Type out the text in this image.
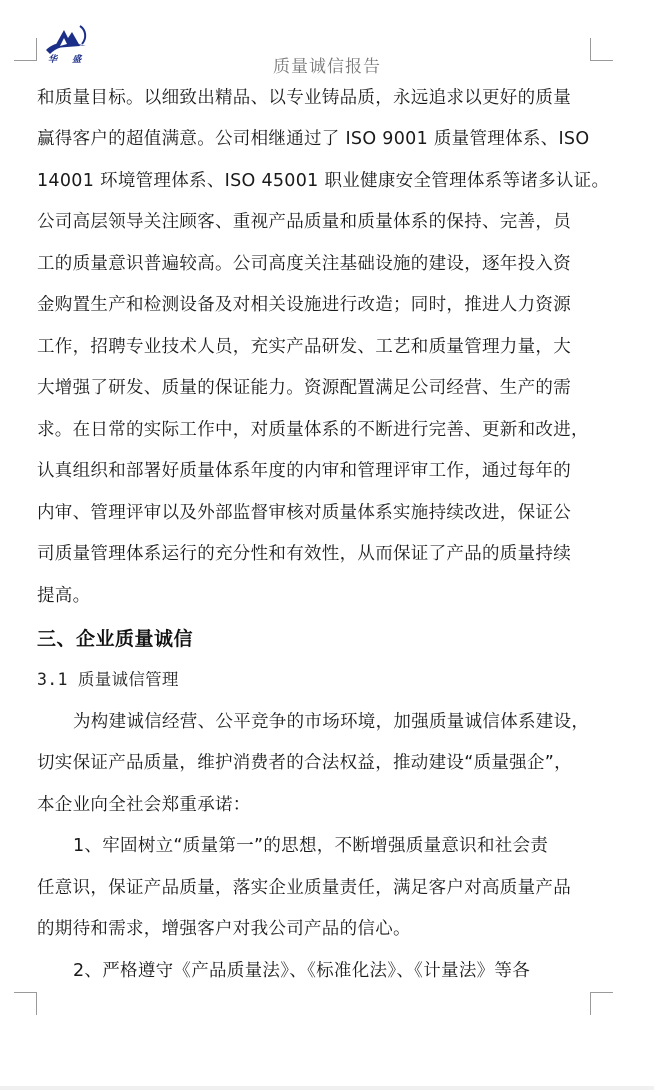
华 盛	质量诚信报告
和质量目标。以细致出精品、以专业铸品质，永远追求以更好的质量
赢得客户的超值满意。公司相继通过了 ISO 9001 质量管理体系、ISO
14001 环境管理体系、ISO 45001 职业健康安全管理体系等诸多认证。
公司高层领导关注顾客、重视产品质量和质量体系的保持、完善，员
工的质量意识普遍较高。公司高度关注基础设施的建设，逐年投入资
金购置生产和检测设备及对相关设施进行改造；同时，推进人力资源
工作，招聘专业技术人员，充实产品研发、工艺和质量管理力量，大
大增强了研发、质量的保证能力。资源配置满足公司经营、生产的需
求。在日常的实际工作中，对质量体系的不断进行完善、更新和改进，
认真组织和部署好质量体系年度的内审和管理评审工作，通过每年的
内审、管理评审以及外部监督审核对质量体系实施持续改进，保证公
司质量管理体系运行的充分性和有效性，从而保证了产品的质量持续
提高。
三、企业质量诚信
3.1 质量诚信管理
为构建诚信经营、公平竞争的市场环境，加强质量诚信体系建设，
切实保证产品质量，维护消费者的合法权益，推动建设“质量强企”，
本企业向全社会郑重承诺：
1、牢固树立“质量第一”的思想，不断增强质量意识和社会责
任意识，保证产品质量，落实企业质量责任，满足客户对高质量产品
的期待和需求，增强客户对我公司产品的信心。
2、严格遵守《产品质量法》、《标准化法》、《计量法》等各
